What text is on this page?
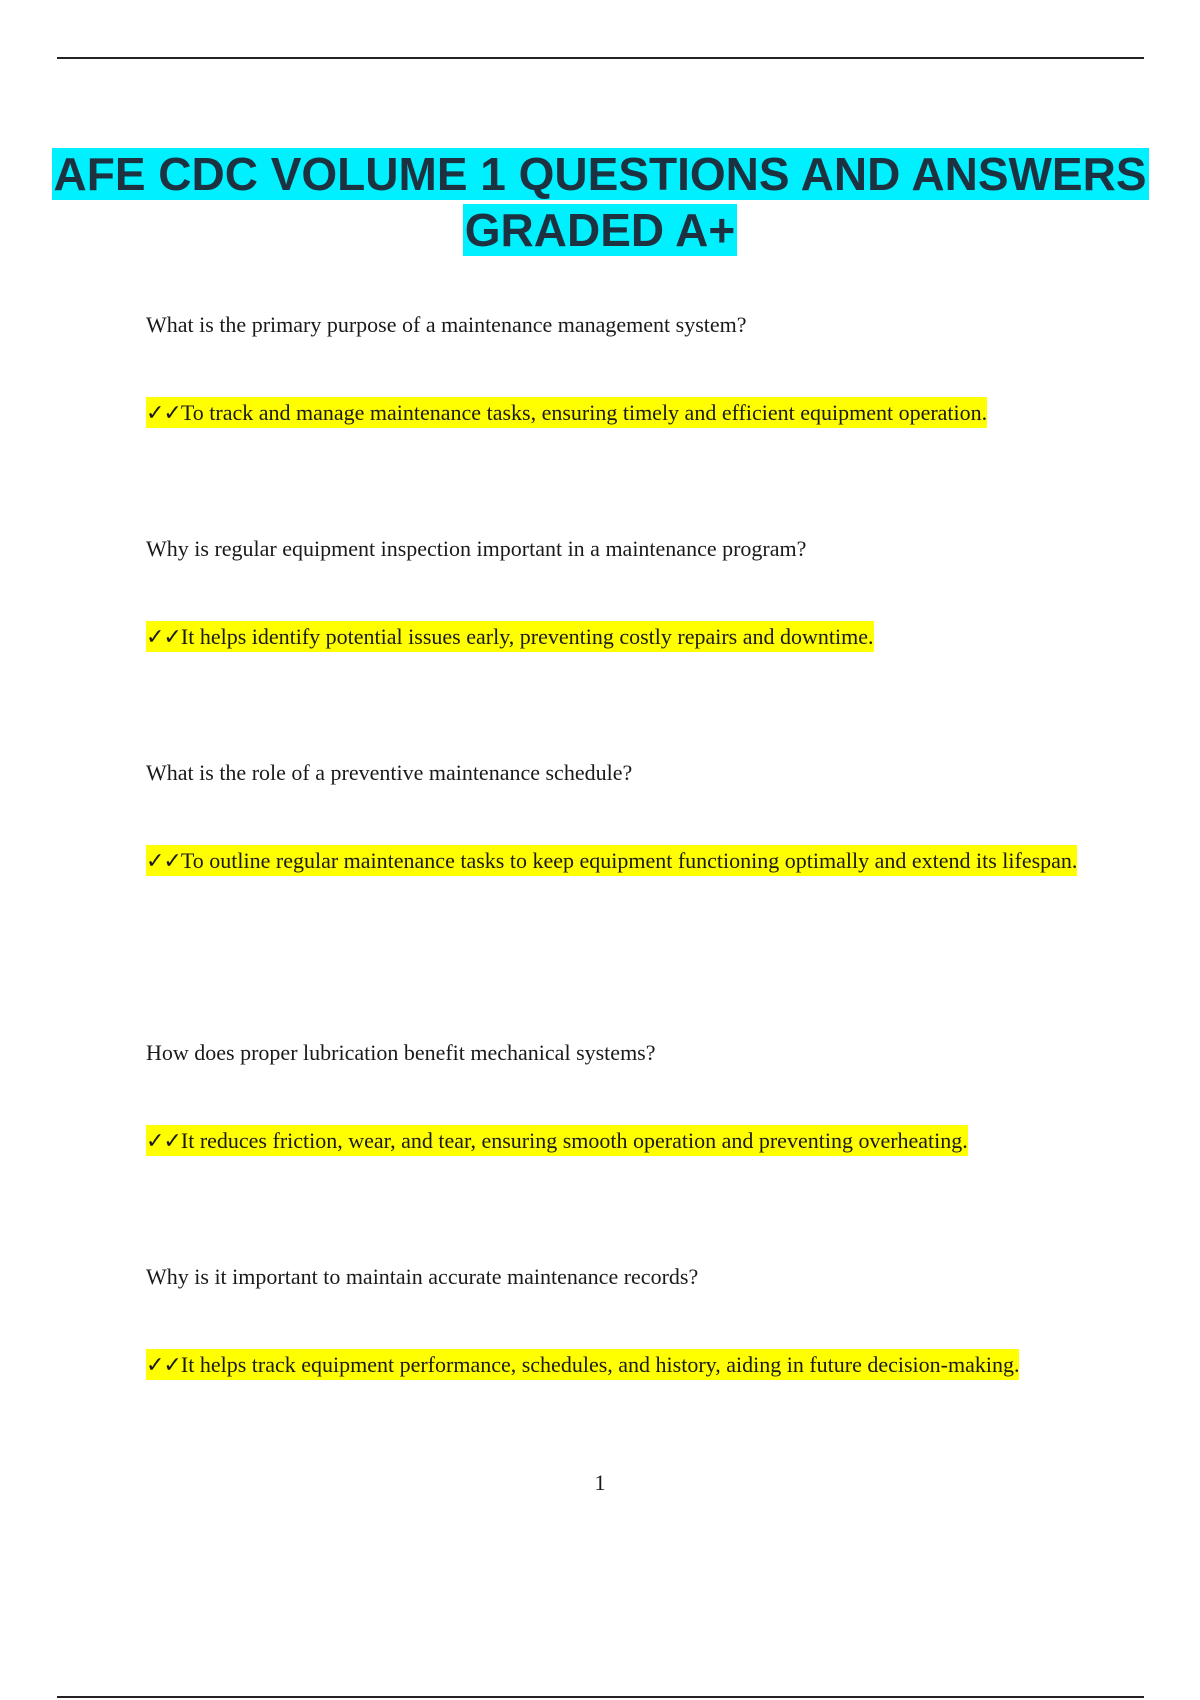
AFE CDC VOLUME 1 QUESTIONS AND ANSWERS GRADED A+

What is the primary purpose of a maintenance management system?

✓✓To track and manage maintenance tasks, ensuring timely and efficient equipment operation.

Why is regular equipment inspection important in a maintenance program?

✓✓It helps identify potential issues early, preventing costly repairs and downtime.

What is the role of a preventive maintenance schedule?

✓✓To outline regular maintenance tasks to keep equipment functioning optimally and extend its lifespan.

How does proper lubrication benefit mechanical systems?

✓✓It reduces friction, wear, and tear, ensuring smooth operation and preventing overheating.

Why is it important to maintain accurate maintenance records?

✓✓It helps track equipment performance, schedules, and history, aiding in future decision-making.

1
